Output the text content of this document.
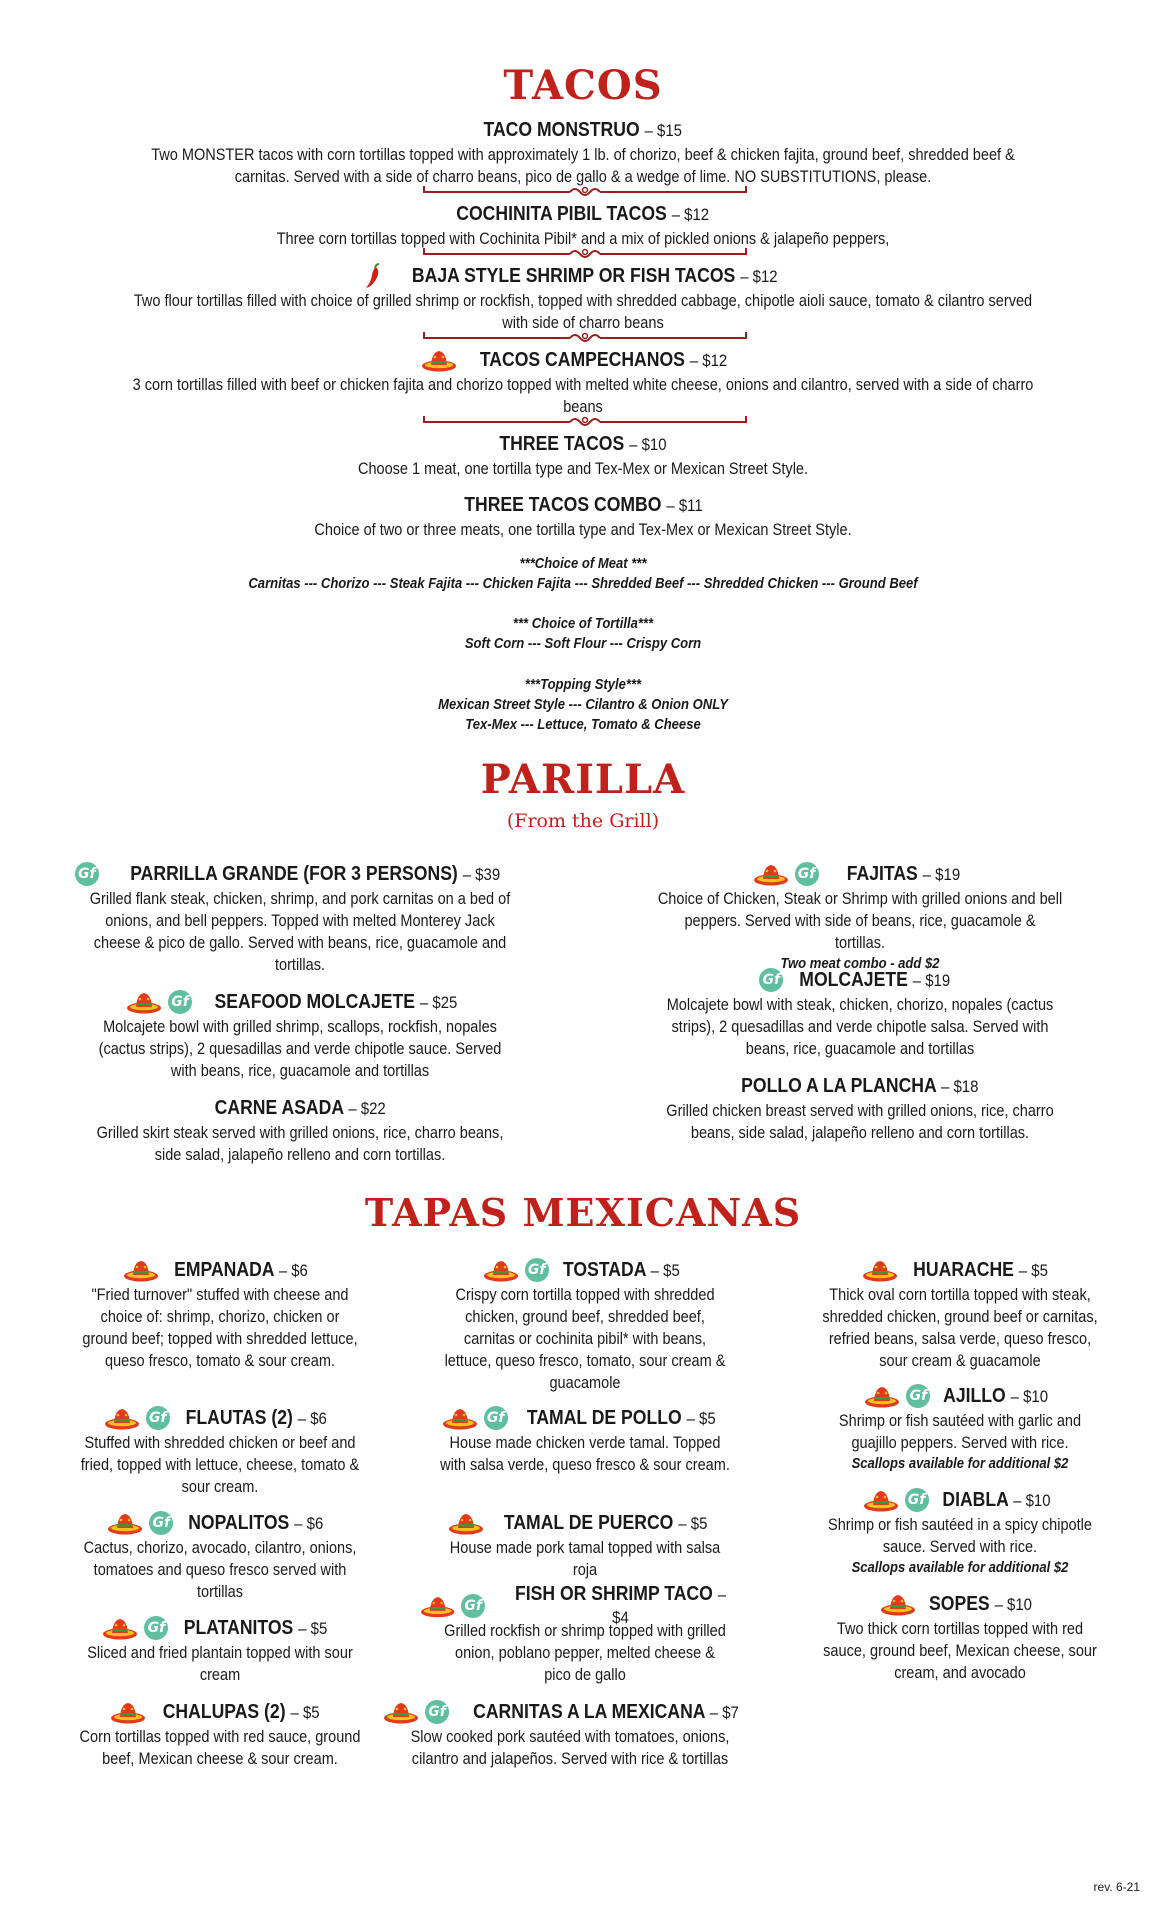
TACOS
TACO MONSTRUO – $15
Two MONSTER tacos with corn tortillas topped with approximately 1 lb. of chorizo, beef & chicken fajita, ground beef, shredded beef & carnitas. Served with a side of charro beans, pico de gallo & a wedge of lime. NO SUBSTITUTIONS, please.
COCHINITA PIBIL TACOS – $12
Three corn tortillas topped with Cochinita Pibil* and a mix of pickled onions & jalapeño peppers,
BAJA STYLE SHRIMP OR FISH TACOS – $12
Two flour tortillas filled with choice of grilled shrimp or rockfish, topped with shredded cabbage, chipotle aioli sauce, tomato & cilantro served with side of charro beans
TACOS CAMPECHANOS – $12
3 corn tortillas filled with beef or chicken fajita and chorizo topped with melted white cheese, onions and cilantro, served with a side of charro beans
THREE TACOS – $10
Choose 1 meat, one tortilla type and Tex-Mex or Mexican Street Style.
THREE TACOS COMBO – $11
Choice of two or three meats, one tortilla type and Tex-Mex or Mexican Street Style.
***Choice of Meat ***
Carnitas --- Chorizo --- Steak Fajita --- Chicken Fajita --- Shredded Beef --- Shredded Chicken --- Ground Beef
*** Choice of Tortilla***
Soft Corn --- Soft Flour --- Crispy Corn
***Topping Style***
Mexican Street Style --- Cilantro & Onion ONLY
Tex-Mex --- Lettuce, Tomato & Cheese
PARILLA
(From the Grill)
Gf PARRILLA GRANDE (FOR 3 PERSONS) – $39
Grilled flank steak, chicken, shrimp, and pork carnitas on a bed of onions, and bell peppers. Topped with melted Monterey Jack cheese & pico de gallo. Served with beans, rice, guacamole and tortillas.
Gf SEAFOOD MOLCAJETE – $25
Molcajete bowl with grilled shrimp, scallops, rockfish, nopales (cactus strips), 2 quesadillas and verde chipotle sauce. Served with beans, rice, guacamole and tortillas
CARNE ASADA – $22
Grilled skirt steak served with grilled onions, rice, charro beans, side salad, jalapeño relleno and corn tortillas.
Gf FAJITAS – $19
Choice of Chicken, Steak or Shrimp with grilled onions and bell peppers. Served with side of beans, rice, guacamole & tortillas.
Two meat combo - add $2
Gf MOLCAJETE – $19
Molcajete bowl with steak, chicken, chorizo, nopales (cactus strips), 2 quesadillas and verde chipotle salsa. Served with beans, rice, guacamole and tortillas
POLLO A LA PLANCHA – $18
Grilled chicken breast served with grilled onions, rice, charro beans, side salad, jalapeño relleno and corn tortillas.
TAPAS MEXICANAS
EMPANADA – $6
"Fried turnover" stuffed with cheese and choice of: shrimp, chorizo, chicken or ground beef; topped with shredded lettuce, queso fresco, tomato & sour cream.
Gf FLAUTAS (2) – $6
Stuffed with shredded chicken or beef and fried, topped with lettuce, cheese, tomato & sour cream.
Gf NOPALITOS – $6
Cactus, chorizo, avocado, cilantro, onions, tomatoes and queso fresco served with tortillas
Gf PLATANITOS – $5
Sliced and fried plantain topped with sour cream
CHALUPAS (2) – $5
Corn tortillas topped with red sauce, ground beef, Mexican cheese & sour cream.
Gf TOSTADA – $5
Crispy corn tortilla topped with shredded chicken, ground beef, shredded beef, carnitas or cochinita pibil* with beans, lettuce, queso fresco, tomato, sour cream & guacamole
Gf TAMAL DE POLLO – $5
House made chicken verde tamal. Topped with salsa verde, queso fresco & sour cream.
TAMAL DE PUERCO – $5
House made pork tamal topped with salsa roja
Gf
FISH OR SHRIMP TACO – $4
Grilled rockfish or shrimp topped with grilled onion, poblano pepper, melted cheese & pico de gallo
Gf CARNITAS A LA MEXICANA – $7
Slow cooked pork sautéed with tomatoes, onions, cilantro and jalapeños. Served with rice & tortillas
HUARACHE – $5
Thick oval corn tortilla topped with steak, shredded chicken, ground beef or carnitas, refried beans, salsa verde, queso fresco, sour cream & guacamole
Gf AJILLO – $10
Shrimp or fish sautéed with garlic and guajillo peppers. Served with rice.
Scallops available for additional $2
Gf DIABLA – $10
Shrimp or fish sautéed in a spicy chipotle sauce. Served with rice.
Scallops available for additional $2
SOPES – $10
Two thick corn tortillas topped with red sauce, ground beef, Mexican cheese, sour cream, and avocado
rev. 6-21
